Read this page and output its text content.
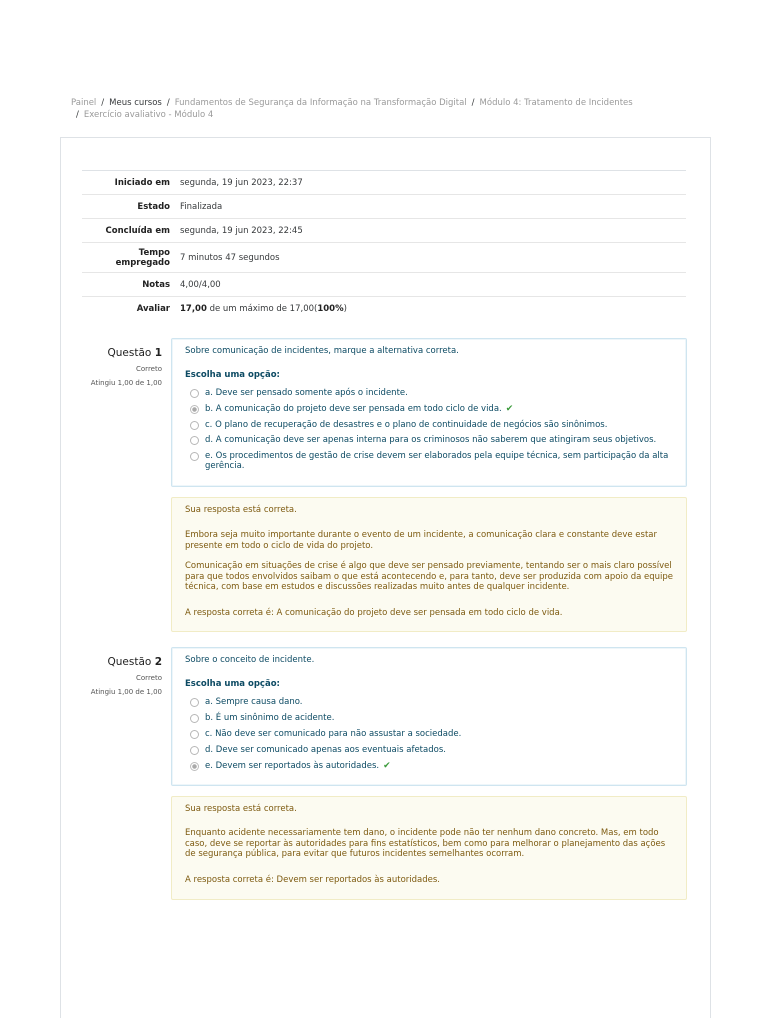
Painel / Meus cursos / Fundamentos de Segurança da Informação na Transformação Digital / Módulo 4: Tratamento de Incidentes
/ Exercício avaliativo - Módulo 4
Iniciado em	segunda, 19 jun 2023, 22:37
Estado	Finalizada
Concluída em	segunda, 19 jun 2023, 22:45
Tempo empregado	7 minutos 47 segundos
Notas	4,00/4,00
Avaliar	17,00 de um máximo de 17,00(100%)
Questão 1
Correto
Atingiu 1,00 de 1,00
Sobre comunicação de incidentes, marque a alternativa correta.
Escolha uma opção:
a. Deve ser pensado somente após o incidente.
b. A comunicação do projeto deve ser pensada em todo ciclo de vida. ✔
c. O plano de recuperação de desastres e o plano de continuidade de negócios são sinônimos.
d. A comunicação deve ser apenas interna para os criminosos não saberem que atingiram seus objetivos.
e. Os procedimentos de gestão de crise devem ser elaborados pela equipe técnica, sem participação da alta gerência.
Sua resposta está correta.
Embora seja muito importante durante o evento de um incidente, a comunicação clara e constante deve estar presente em todo o ciclo de vida do projeto.
Comunicação em situações de crise é algo que deve ser pensado previamente, tentando ser o mais claro possível para que todos envolvidos saibam o que está acontecendo e, para tanto, deve ser produzida com apoio da equipe técnica, com base em estudos e discussões realizadas muito antes de qualquer incidente.
A resposta correta é: A comunicação do projeto deve ser pensada em todo ciclo de vida.
Questão 2
Correto
Atingiu 1,00 de 1,00
Sobre o conceito de incidente.
Escolha uma opção:
a. Sempre causa dano.
b. É um sinônimo de acidente.
c. Não deve ser comunicado para não assustar a sociedade.
d. Deve ser comunicado apenas aos eventuais afetados.
e. Devem ser reportados às autoridades. ✔
Sua resposta está correta.
Enquanto acidente necessariamente tem dano, o incidente pode não ter nenhum dano concreto. Mas, em todo caso, deve se reportar às autoridades para fins estatísticos, bem como para melhorar o planejamento das ações de segurança pública, para evitar que futuros incidentes semelhantes ocorram.
A resposta correta é: Devem ser reportados às autoridades.
